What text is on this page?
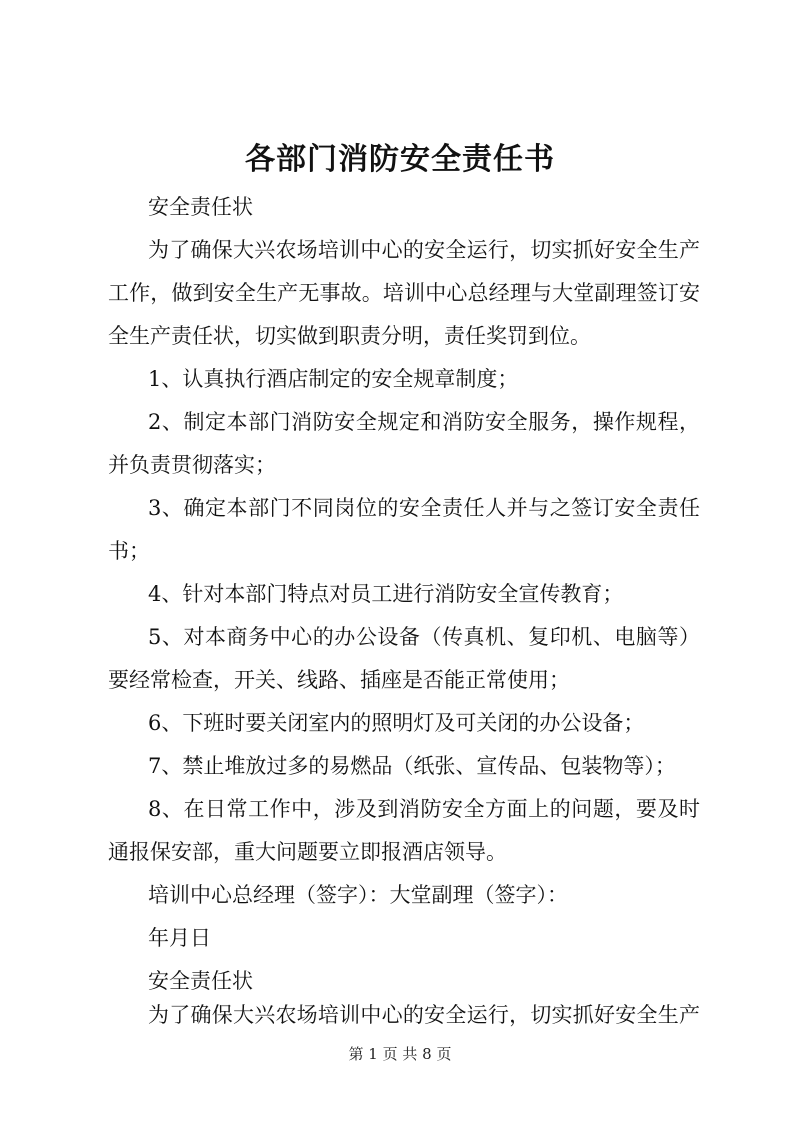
各部门消防安全责任书
安全责任状
为了确保大兴农场培训中心的安全运行，切实抓好安全生产
工作，做到安全生产无事故。培训中心总经理与大堂副理签订安
全生产责任状，切实做到职责分明，责任奖罚到位。
1、认真执行酒店制定的安全规章制度；
2、制定本部门消防安全规定和消防安全服务，操作规程，
并负责贯彻落实；
3、确定本部门不同岗位的安全责任人并与之签订安全责任
书；
4、针对本部门特点对员工进行消防安全宣传教育；
5、对本商务中心的办公设备（传真机、复印机、电脑等）
要经常检查，开关、线路、插座是否能正常使用；
6、下班时要关闭室内的照明灯及可关闭的办公设备；
7、禁止堆放过多的易燃品（纸张、宣传品、包装物等）；
8、在日常工作中，涉及到消防安全方面上的问题，要及时
通报保安部，重大问题要立即报酒店领导。
培训中心总经理（签字）：大堂副理（签字）：
年月日
安全责任状
为了确保大兴农场培训中心的安全运行，切实抓好安全生产
第 1 页 共 8 页
